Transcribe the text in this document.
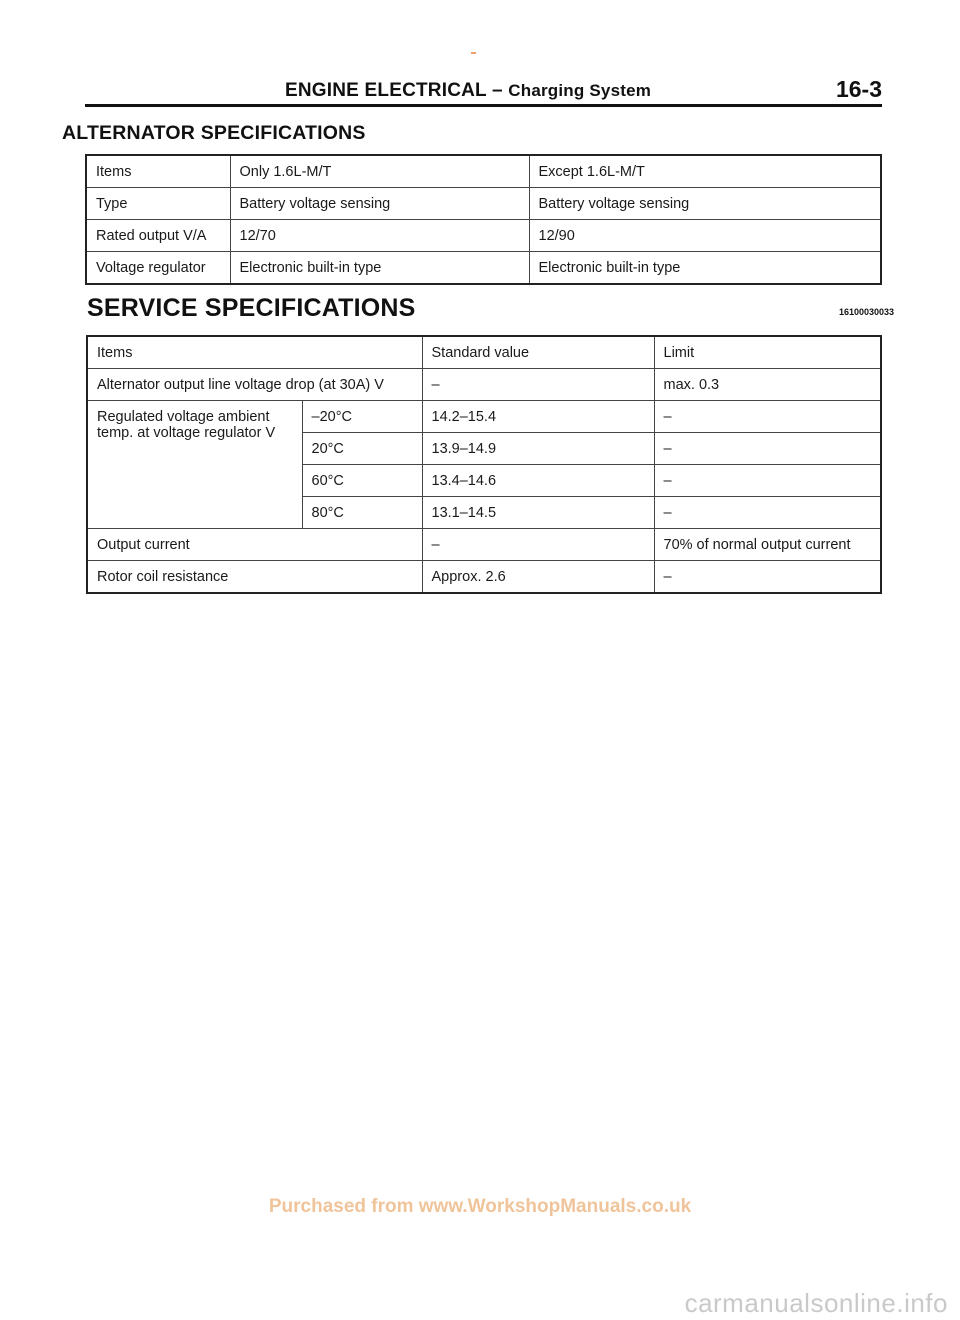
ENGINE ELECTRICAL – Charging System	16-3
ALTERNATOR SPECIFICATIONS
Items	Only 1.6L-M/T	Except 1.6L-M/T
Type	Battery voltage sensing	Battery voltage sensing
Rated output V/A	12/70	12/90
Voltage regulator	Electronic built-in type	Electronic built-in type
SERVICE SPECIFICATIONS	16100030033
Items		Standard value	Limit
Alternator output line voltage drop (at 30A) V		–	max. 0.3
Regulated voltage ambient temp. at voltage regulator V	–20°C	14.2–15.4	–
	20°C	13.9–14.9	–
	60°C	13.4–14.6	–
	80°C	13.1–14.5	–
Output current		–	70% of normal output current
Rotor coil resistance		Approx. 2.6	–
Purchased from www.WorkshopManuals.co.uk
carmanualsonline.info
